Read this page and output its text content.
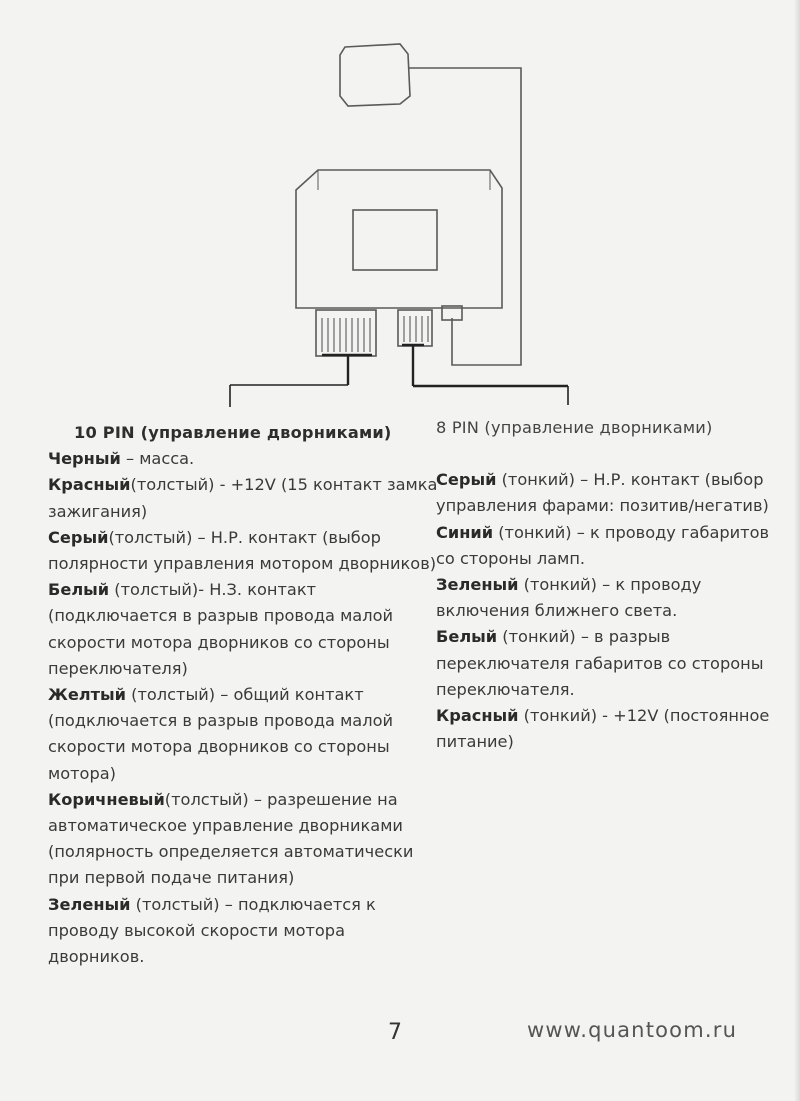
10 PIN (управление дворниками)

Черный – масса.

Красный(толстый) - +12V (15 контакт замка зажигания)

Серый(толстый) – Н.Р. контакт (выбор полярности управления мотором дворников)

Белый (толстый)- Н.З. контакт (подключается в разрыв провода малой скорости мотора дворников со стороны переключателя)

Желтый (толстый) – общий контакт (подключается в разрыв провода малой скорости мотора дворников со стороны мотора)

Коричневый(толстый) – разрешение на автоматическое управление дворниками (полярность определяется автоматически при первой подаче питания)

Зеленый (толстый) – подключается к проводу высокой скорости мотора дворников.

8 PIN (управление дворниками)

Серый (тонкий) – Н.Р. контакт (выбор управления фарами: позитив/негатив)

Синий (тонкий) – к проводу габаритов со стороны ламп.

Зеленый (тонкий) – к проводу включения ближнего света.

Белый (тонкий) – в разрыв переключателя габаритов со стороны переключателя.

Красный (тонкий) - +12V (постоянное питание)

7	www.quantoom.ru
